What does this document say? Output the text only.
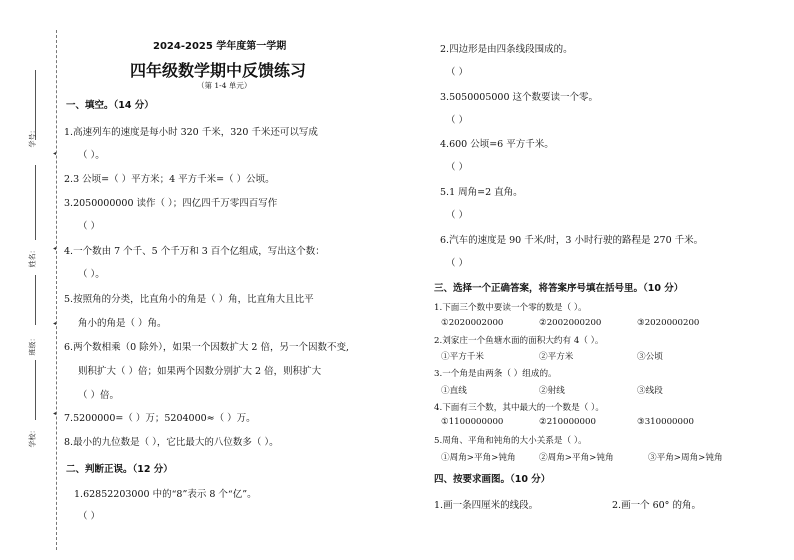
学号：
姓名：
班级：
学校：
◂
◂
◂
◂
2024-2025 学年度第一学期
四年级数学期中反馈练习
（第 1-4 单元）
一、填空。（14 分）
1.高速列车的速度是每小时 320 千米，320 千米还可以写成
（ ）。
2.3 公顷=（ ）平方米；4 平方千米=（ ）公顷。
3.2050000000 读作（ ）；四亿四千万零四百写作
（ ）
4.一个数由 7 个千、5 个千万和 3 百个亿组成，写出这个数：
（ ）。
5.按照角的分类，比直角小的角是（ ）角，比直角大且比平
角小的角是（ ）角。
6.两个数相乘（0 除外），如果一个因数扩大 2 倍，另一个因数不变,
则积扩大（ ）倍；如果两个因数分别扩大 2 倍，则积扩大
（ ）倍。
7.5200000=（ ）万；5204000≈（ ）万。
8.最小的九位数是（ ），它比最大的八位数多（ ）。
二、判断正误。（12 分）
1.62852203000 中的“8”表示 8 个“亿”。
（ ）
2.四边形是由四条线段围成的。
（ ）
3.5050005000 这个数要读一个零。
（ ）
4.600 公顷=6 平方千米。
（ ）
5.1 周角=2 直角。
（ ）
6.汽车的速度是 90 千米/时，3 小时行驶的路程是 270 千米。
（ ）
三、选择一个正确答案，将答案序号填在括号里。（10 分）
1.下面三个数中要读一个零的数是（ ）。
①2020002000	②2002000200	③2020000200
2.刘家庄一个鱼塘水面的面积大约有 4（ ）。
①平方千米	②平方米	③公顷
3.一个角是由两条（ ）组成的。
①直线	②射线	③线段
4.下面有三个数，其中最大的一个数是（ ）。
①1100000000	②210000000	③310000000
5.周角、平角和钝角的大小关系是（ ）。
①周角>平角>钝角	②周角>平角>钝角	③平角>周角>钝角
四、按要求画图。（10 分）
1.画一条四厘米的线段。	2.画一个 60° 的角。
